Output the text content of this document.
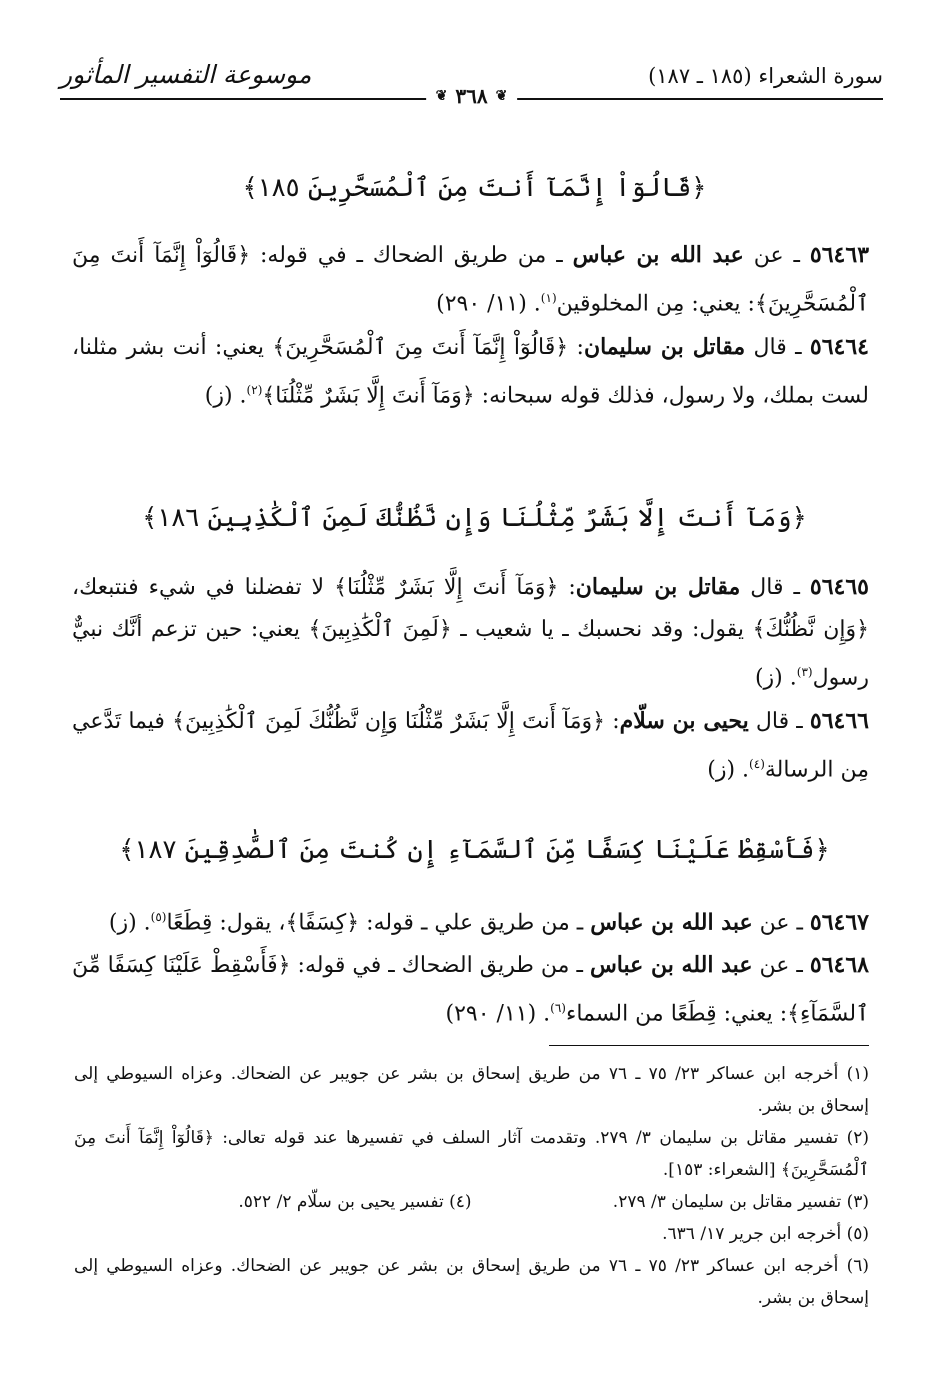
سورة الشعراء (١٨٥ ـ ١٨٧)
موسوعة التفسير المأثور
❦
٣٦٨
❦
﴿قَالُوٓاْ إِنَّمَآ أَنتَ مِنَ ٱلْمُسَحَّرِينَ ١٨٥﴾
٥٦٤٦٣ ـ عن عبد الله بن عباس ـ من طريق الضحاك ـ في قوله: ﴿قَالُوٓاْ إِنَّمَآ أَنتَ مِنَ ٱلْمُسَحَّرِينَ﴾: يعني: مِن المخلوقين$^{(١)}$. (١١/ ٢٩٠)
٥٦٤٦٤ ـ قال مقاتل بن سليمان: ﴿قَالُوٓاْ إِنَّمَآ أَنتَ مِنَ ٱلْمُسَحَّرِينَ﴾ يعني: أنت بشر مثلنا، لست بملك، ولا رسول، فذلك قوله سبحانه: ﴿وَمَآ أَنتَ إِلَّا بَشَرٌ مِّثْلُنَا﴾$^{(٢)}$. (ز)
﴿وَمَآ أَنتَ إِلَّا بَشَرٌ مِّثْلُنَا وَإِن نَّظُنُّكَ لَمِنَ ٱلْكَٰذِبِينَ ١٨٦﴾
٥٦٤٦٥ ـ قال مقاتل بن سليمان: ﴿وَمَآ أَنتَ إِلَّا بَشَرٌ مِّثْلُنَا﴾ لا تفضلنا في شيء فنتبعك، ﴿وَإِن نَّظُنُّكَ﴾ يقول: وقد نحسبك ـ يا شعيب ـ ﴿لَمِنَ ٱلْكَٰذِبِينَ﴾ يعني: حين تزعم أنَّك نبيٌّ رسول$^{(٣)}$. (ز)
٥٦٤٦٦ ـ قال يحيى بن سلّام: ﴿وَمَآ أَنتَ إِلَّا بَشَرٌ مِّثْلُنَا وَإِن نَّظُنُّكَ لَمِنَ ٱلْكَٰذِبِينَ﴾ فيما تَدَّعي مِن الرسالة$^{(٤)}$. (ز)
﴿فَأَسْقِطْ عَلَيْنَا كِسَفًا مِّنَ ٱلسَّمَآءِ إِن كُنتَ مِنَ ٱلصَّٰدِقِينَ ١٨٧﴾
٥٦٤٦٧ ـ عن عبد الله بن عباس ـ من طريق علي ـ قوله: ﴿كِسَفًا﴾، يقول: قِطَعًا$^{(٥)}$. (ز)
٥٦٤٦٨ ـ عن عبد الله بن عباس ـ من طريق الضحاك ـ في قوله: ﴿فَأَسْقِطْ عَلَيْنَا كِسَفًا مِّنَ ٱلسَّمَآءِ﴾: يعني: قِطَعًا من السماء$^{(٦)}$. (١١/ ٢٩٠)
(١) أخرجه ابن عساكر ٢٣/ ٧٥ ـ ٧٦ من طريق إسحاق بن بشر عن جويبر عن الضحاك. وعزاه السيوطي إلى إسحاق بن بشر.
(٢) تفسير مقاتل بن سليمان ٣/ ٢٧٩. وتقدمت آثار السلف في تفسيرها عند قوله تعالى: ﴿قَالُوٓاْ إِنَّمَآ أَنتَ مِنَ ٱلْمُسَحَّرِينَ﴾ [الشعراء: ١٥٣].
(٣) تفسير مقاتل بن سليمان ٣/ ٢٧٩.
(٤) تفسير يحيى بن سلّام ٢/ ٥٢٢.
(٥) أخرجه ابن جرير ١٧/ ٦٣٦.
(٦) أخرجه ابن عساكر ٢٣/ ٧٥ ـ ٧٦ من طريق إسحاق بن بشر عن جويبر عن الضحاك. وعزاه السيوطي إلى إسحاق بن بشر.
